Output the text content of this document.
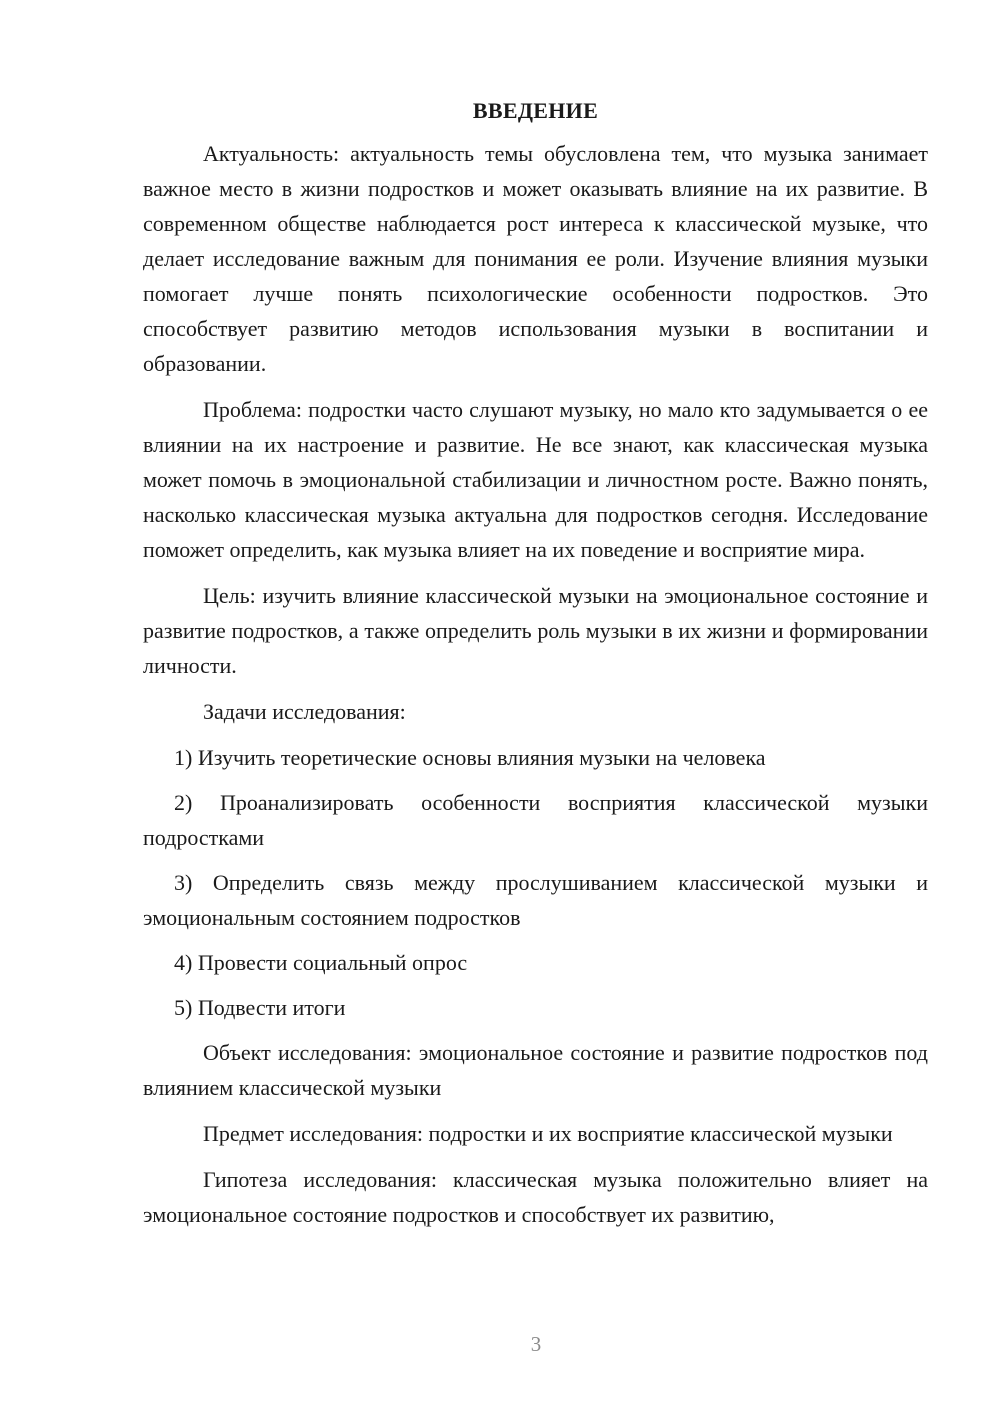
ВВЕДЕНИЕ

Актуальность: актуальность темы обусловлена тем, что музыка занимает важное место в жизни подростков и может оказывать влияние на их развитие. В современном обществе наблюдается рост интереса к классической музыке, что делает исследование важным для понимания ее роли. Изучение влияния музыки помогает лучше понять психологические особенности подростков. Это способствует развитию методов использования музыки в воспитании и образовании.

Проблема: подростки часто слушают музыку, но мало кто задумывается о ее влиянии на их настроение и развитие. Не все знают, как классическая музыка может помочь в эмоциональной стабилизации и личностном росте. Важно понять, насколько классическая музыка актуальна для подростков сегодня. Исследование поможет определить, как музыка влияет на их поведение и восприятие мира.

Цель: изучить влияние классической музыки на эмоциональное состояние и развитие подростков, а также определить роль музыки в их жизни и формировании личности.

Задачи исследования:

1) Изучить теоретические основы влияния музыки на человека

2) Проанализировать особенности восприятия классической музыки подростками

3) Определить связь между прослушиванием классической музыки и эмоциональным состоянием подростков

4) Провести социальный опрос

5) Подвести итоги

Объект исследования: эмоциональное состояние и развитие подростков под влиянием классической музыки

Предмет исследования: подростки и их восприятие классической музыки

Гипотеза исследования: классическая музыка положительно влияет на эмоциональное состояние подростков и способствует их развитию,

3
